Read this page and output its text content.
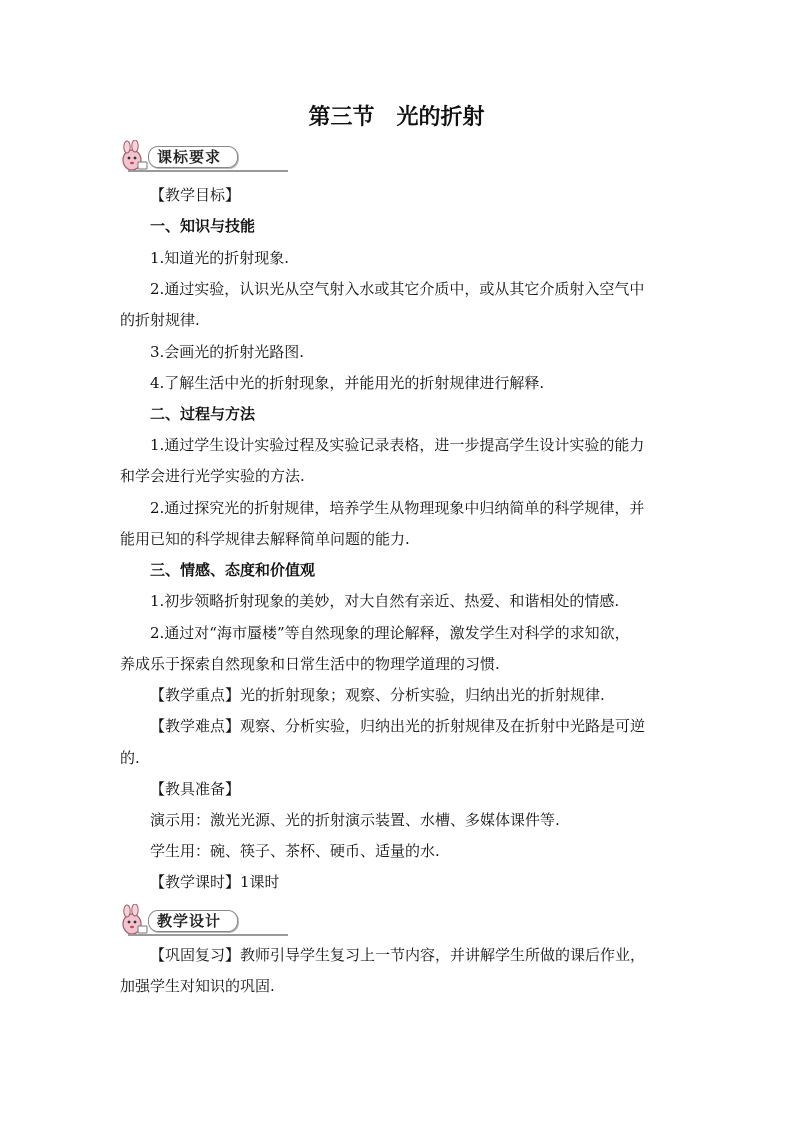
第三节　光的折射
课标要求
【教学目标】
一、知识与技能
1.知道光的折射现象.
2.通过实验，认识光从空气射入水或其它介质中，或从其它介质射入空气中
的折射规律.
3.会画光的折射光路图.
4.了解生活中光的折射现象，并能用光的折射规律进行解释.
二、过程与方法
1.通过学生设计实验过程及实验记录表格，进一步提高学生设计实验的能力
和学会进行光学实验的方法.
2.通过探究光的折射规律，培养学生从物理现象中归纳简单的科学规律，并
能用已知的科学规律去解释简单问题的能力.
三、情感、态度和价值观
1.初步领略折射现象的美妙，对大自然有亲近、热爱、和谐相处的情感.
2.通过对“海市蜃楼”等自然现象的理论解释，激发学生对科学的求知欲，
养成乐于探索自然现象和日常生活中的物理学道理的习惯.
【教学重点】光的折射现象；观察、分析实验，归纳出光的折射规律.
【教学难点】观察、分析实验，归纳出光的折射规律及在折射中光路是可逆
的.
【教具准备】
演示用：激光光源、光的折射演示装置、水槽、多媒体课件等.
学生用：碗、筷子、茶杯、硬币、适量的水.
【教学课时】1课时
教学设计
【巩固复习】教师引导学生复习上一节内容，并讲解学生所做的课后作业，
加强学生对知识的巩固.
